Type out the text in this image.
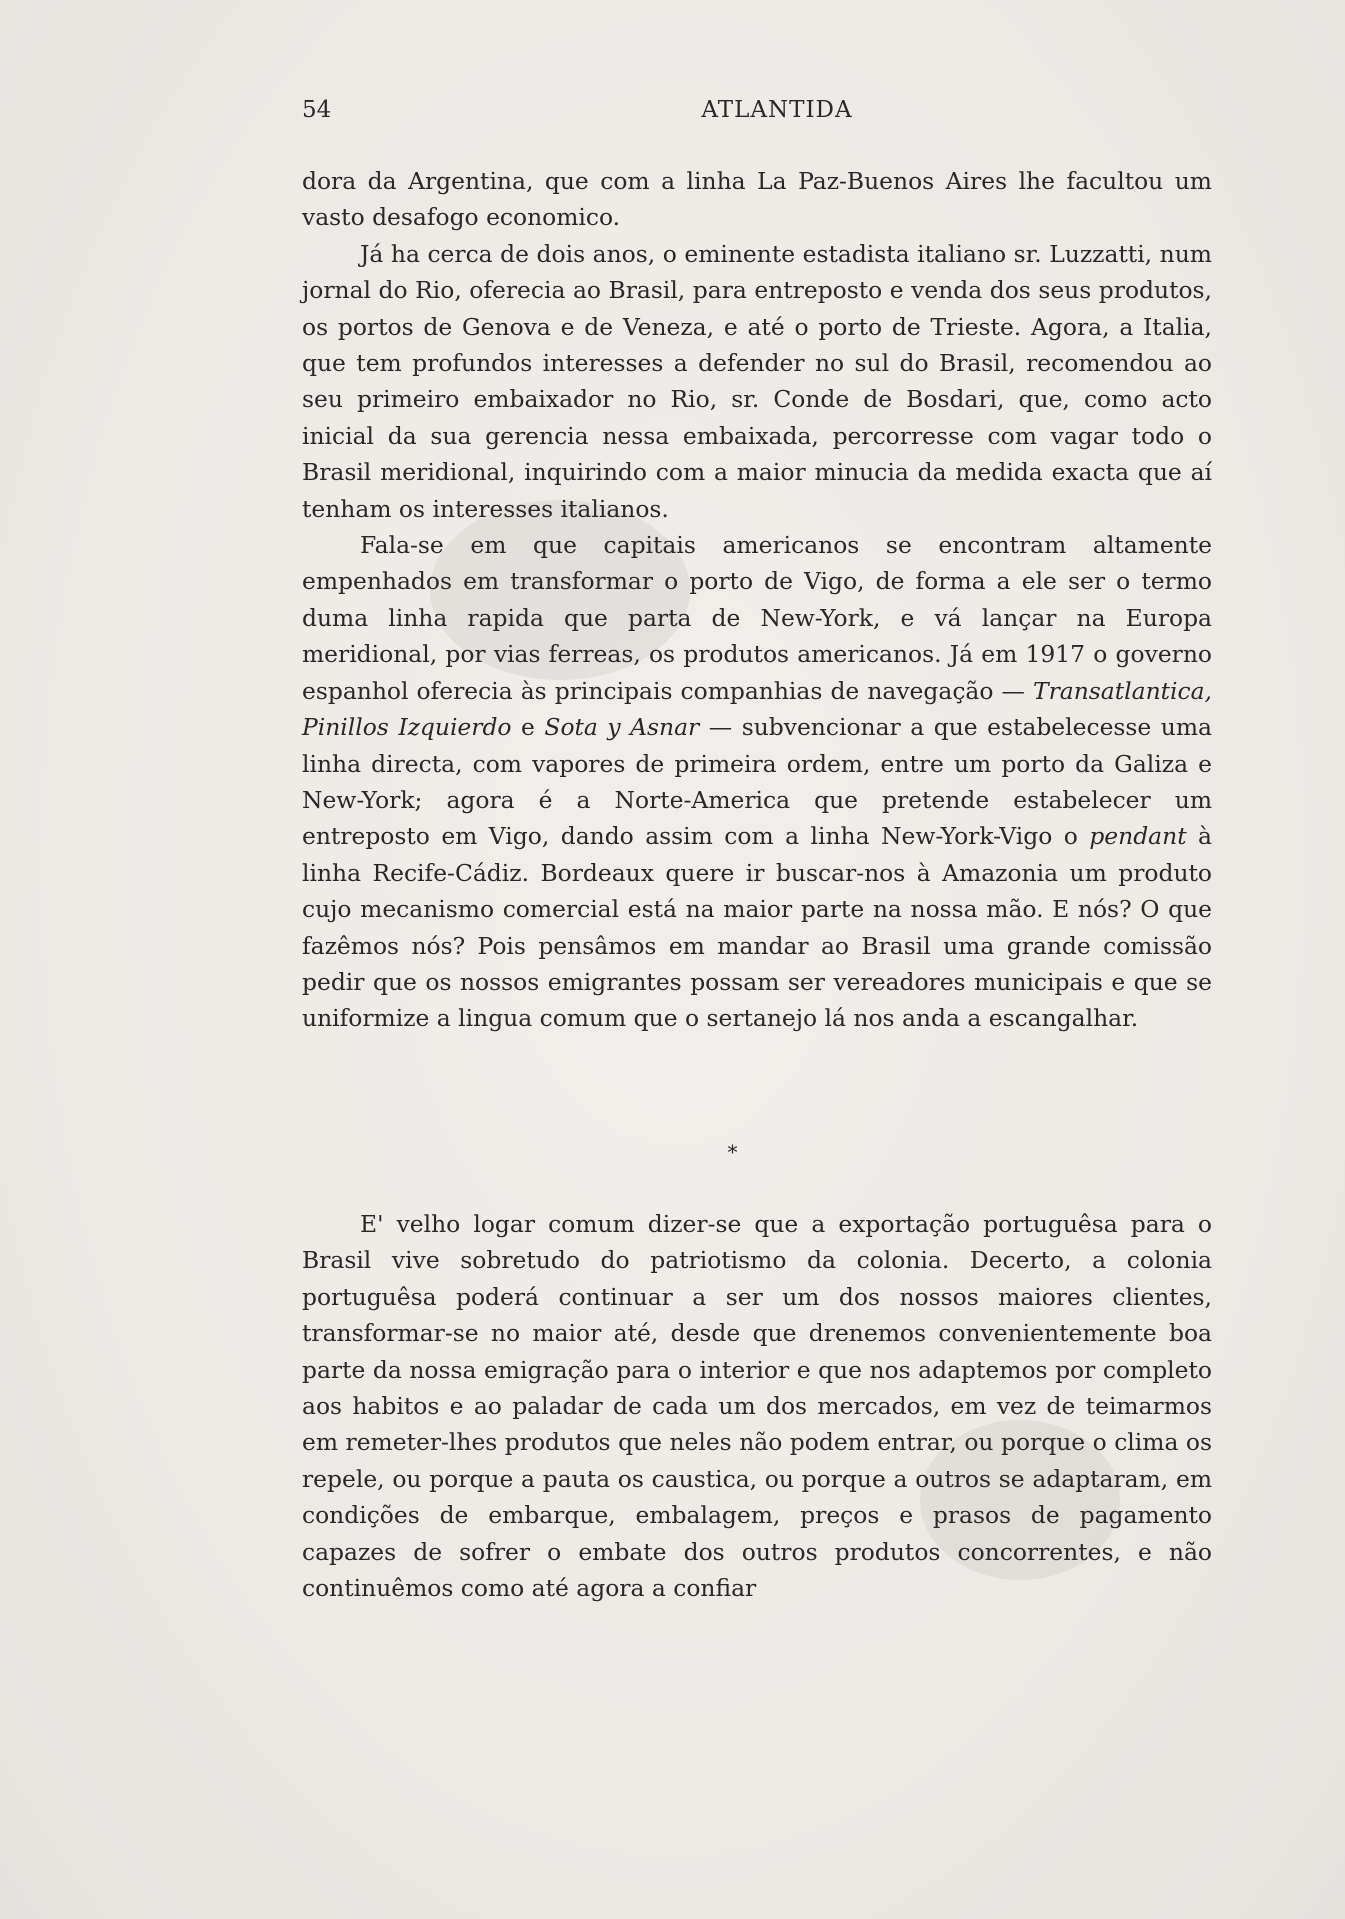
54	ATLANTIDA

dora da Argentina, que com a linha La Paz-Buenos Aires lhe facultou um vasto desafogo economico.

Já ha cerca de dois anos, o eminente estadista italiano sr. Luzzatti, num jornal do Rio, oferecia ao Brasil, para entreposto e venda dos seus produtos, os portos de Genova e de Veneza, e até o porto de Trieste. Agora, a Italia, que tem profundos interesses a defender no sul do Brasil, recomendou ao seu primeiro embaixador no Rio, sr. Conde de Bosdari, que, como acto inicial da sua gerencia nessa embaixada, percorresse com vagar todo o Brasil meridional, inquirindo com a maior minucia da medida exacta que aí tenham os interesses italianos.

Fala-se em que capitais americanos se encontram altamente empenhados em transformar o porto de Vigo, de forma a ele ser o termo duma linha rapida que parta de New-York, e vá lançar na Europa meridional, por vias ferreas, os produtos americanos. Já em 1917 o governo espanhol oferecia às principais companhias de navegação — Transatlantica, Pinillos Izquierdo e Sota y Asnar — subvencionar a que estabelecesse uma linha directa, com vapores de primeira ordem, entre um porto da Galiza e New-York; agora é a Norte-America que pretende estabelecer um entreposto em Vigo, dando assim com a linha New-York-Vigo o pendant à linha Recife-Cádiz. Bordeaux quere ir buscar-nos à Amazonia um produto cujo mecanismo comercial está na maior parte na nossa mão. E nós? O que fazêmos nós? Pois pensâmos em mandar ao Brasil uma grande comissão pedir que os nossos emigrantes possam ser vereadores municipais e que se uniformize a lingua comum que o sertanejo lá nos anda a escangalhar.

*

E' velho logar comum dizer-se que a exportação portuguêsa para o Brasil vive sobretudo do patriotismo da colonia. Decerto, a colonia portuguêsa poderá continuar a ser um dos nossos maiores clientes, transformar-se no maior até, desde que drenemos convenientemente boa parte da nossa emigração para o interior e que nos adaptemos por completo aos habitos e ao paladar de cada um dos mercados, em vez de teimarmos em remeter-lhes produtos que neles não podem entrar, ou porque o clima os repele, ou porque a pauta os caustica, ou porque a outros se adaptaram, em condições de embarque, embalagem, preços e prasos de pagamento capazes de sofrer o embate dos outros produtos concorrentes, e não continuêmos como até agora a confiar
